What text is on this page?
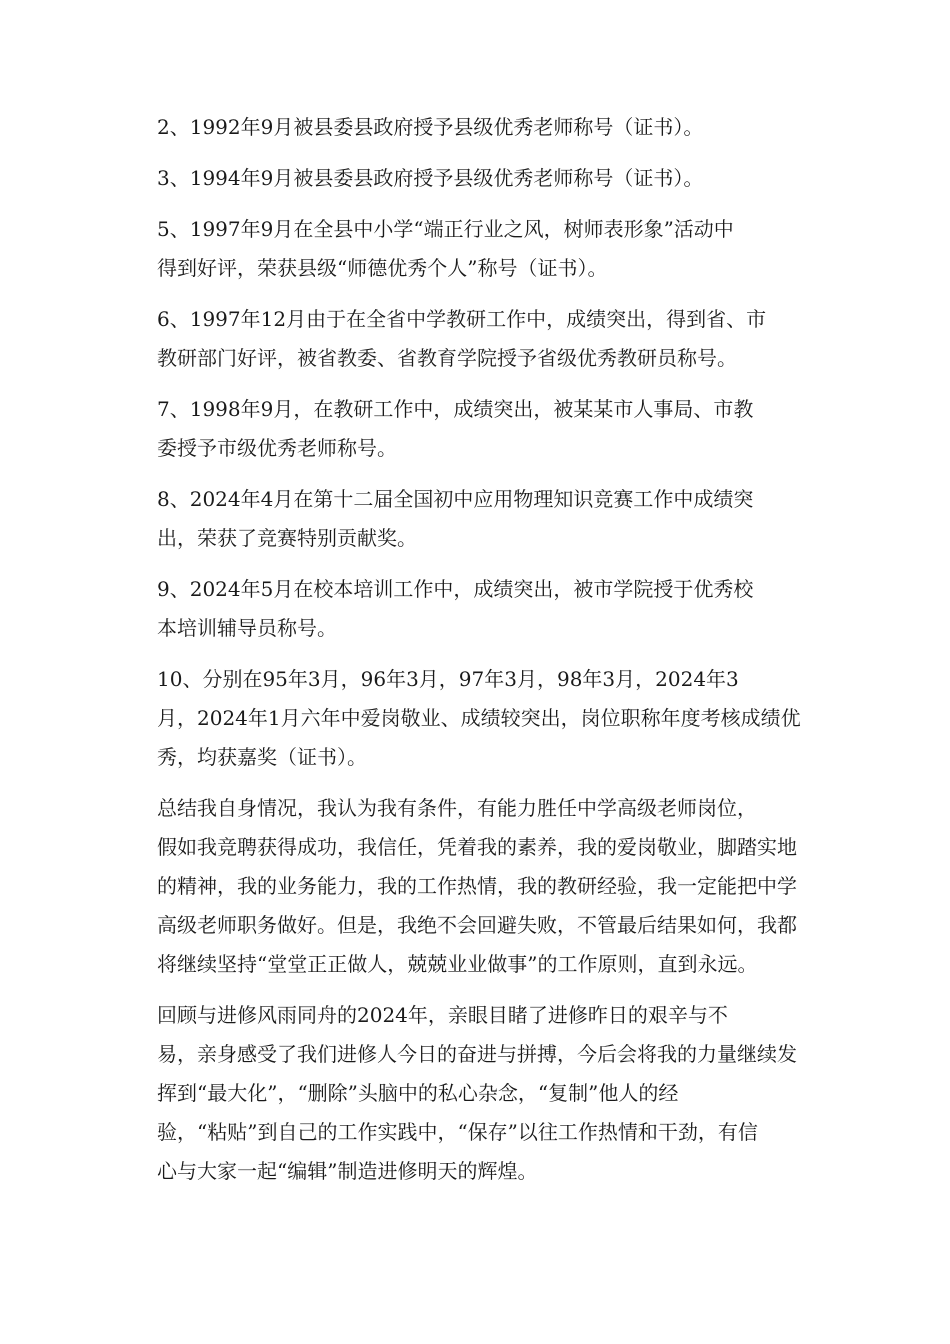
2、1992年9月被县委县政府授予县级优秀老师称号（证书）。

3、1994年9月被县委县政府授予县级优秀老师称号（证书）。

5、1997年9月在全县中小学“端正行业之风，树师表形象”活动中
得到好评，荣获县级“师德优秀个人”称号（证书）。

6、1997年12月由于在全省中学教研工作中，成绩突出，得到省、市
教研部门好评，被省教委、省教育学院授予省级优秀教研员称号。

7、1998年9月，在教研工作中，成绩突出，被某某市人事局、市教
委授予市级优秀老师称号。

8、2024年4月在第十二届全国初中应用物理知识竞赛工作中成绩突
出，荣获了竞赛特别贡献奖。

9、2024年5月在校本培训工作中，成绩突出，被市学院授于优秀校
本培训辅导员称号。

10、分别在95年3月，96年3月，97年3月，98年3月，2024年3
月，2024年1月六年中爱岗敬业、成绩较突出，岗位职称年度考核成绩优
秀，均获嘉奖（证书）。

总结我自身情况，我认为我有条件，有能力胜任中学高级老师岗位，
假如我竞聘获得成功，我信任，凭着我的素养，我的爱岗敬业，脚踏实地
的精神，我的业务能力，我的工作热情，我的教研经验，我一定能把中学
高级老师职务做好。但是，我绝不会回避失败，不管最后结果如何，我都
将继续坚持“堂堂正正做人，兢兢业业做事”的工作原则，直到永远。

回顾与进修风雨同舟的2024年，亲眼目睹了进修昨日的艰辛与不
易，亲身感受了我们进修人今日的奋进与拼搏，今后会将我的力量继续发
挥到“最大化”，“删除”头脑中的私心杂念，“复制”他人的经
验，“粘贴”到自己的工作实践中，“保存”以往工作热情和干劲，有信
心与大家一起“编辑”制造进修明天的辉煌。
